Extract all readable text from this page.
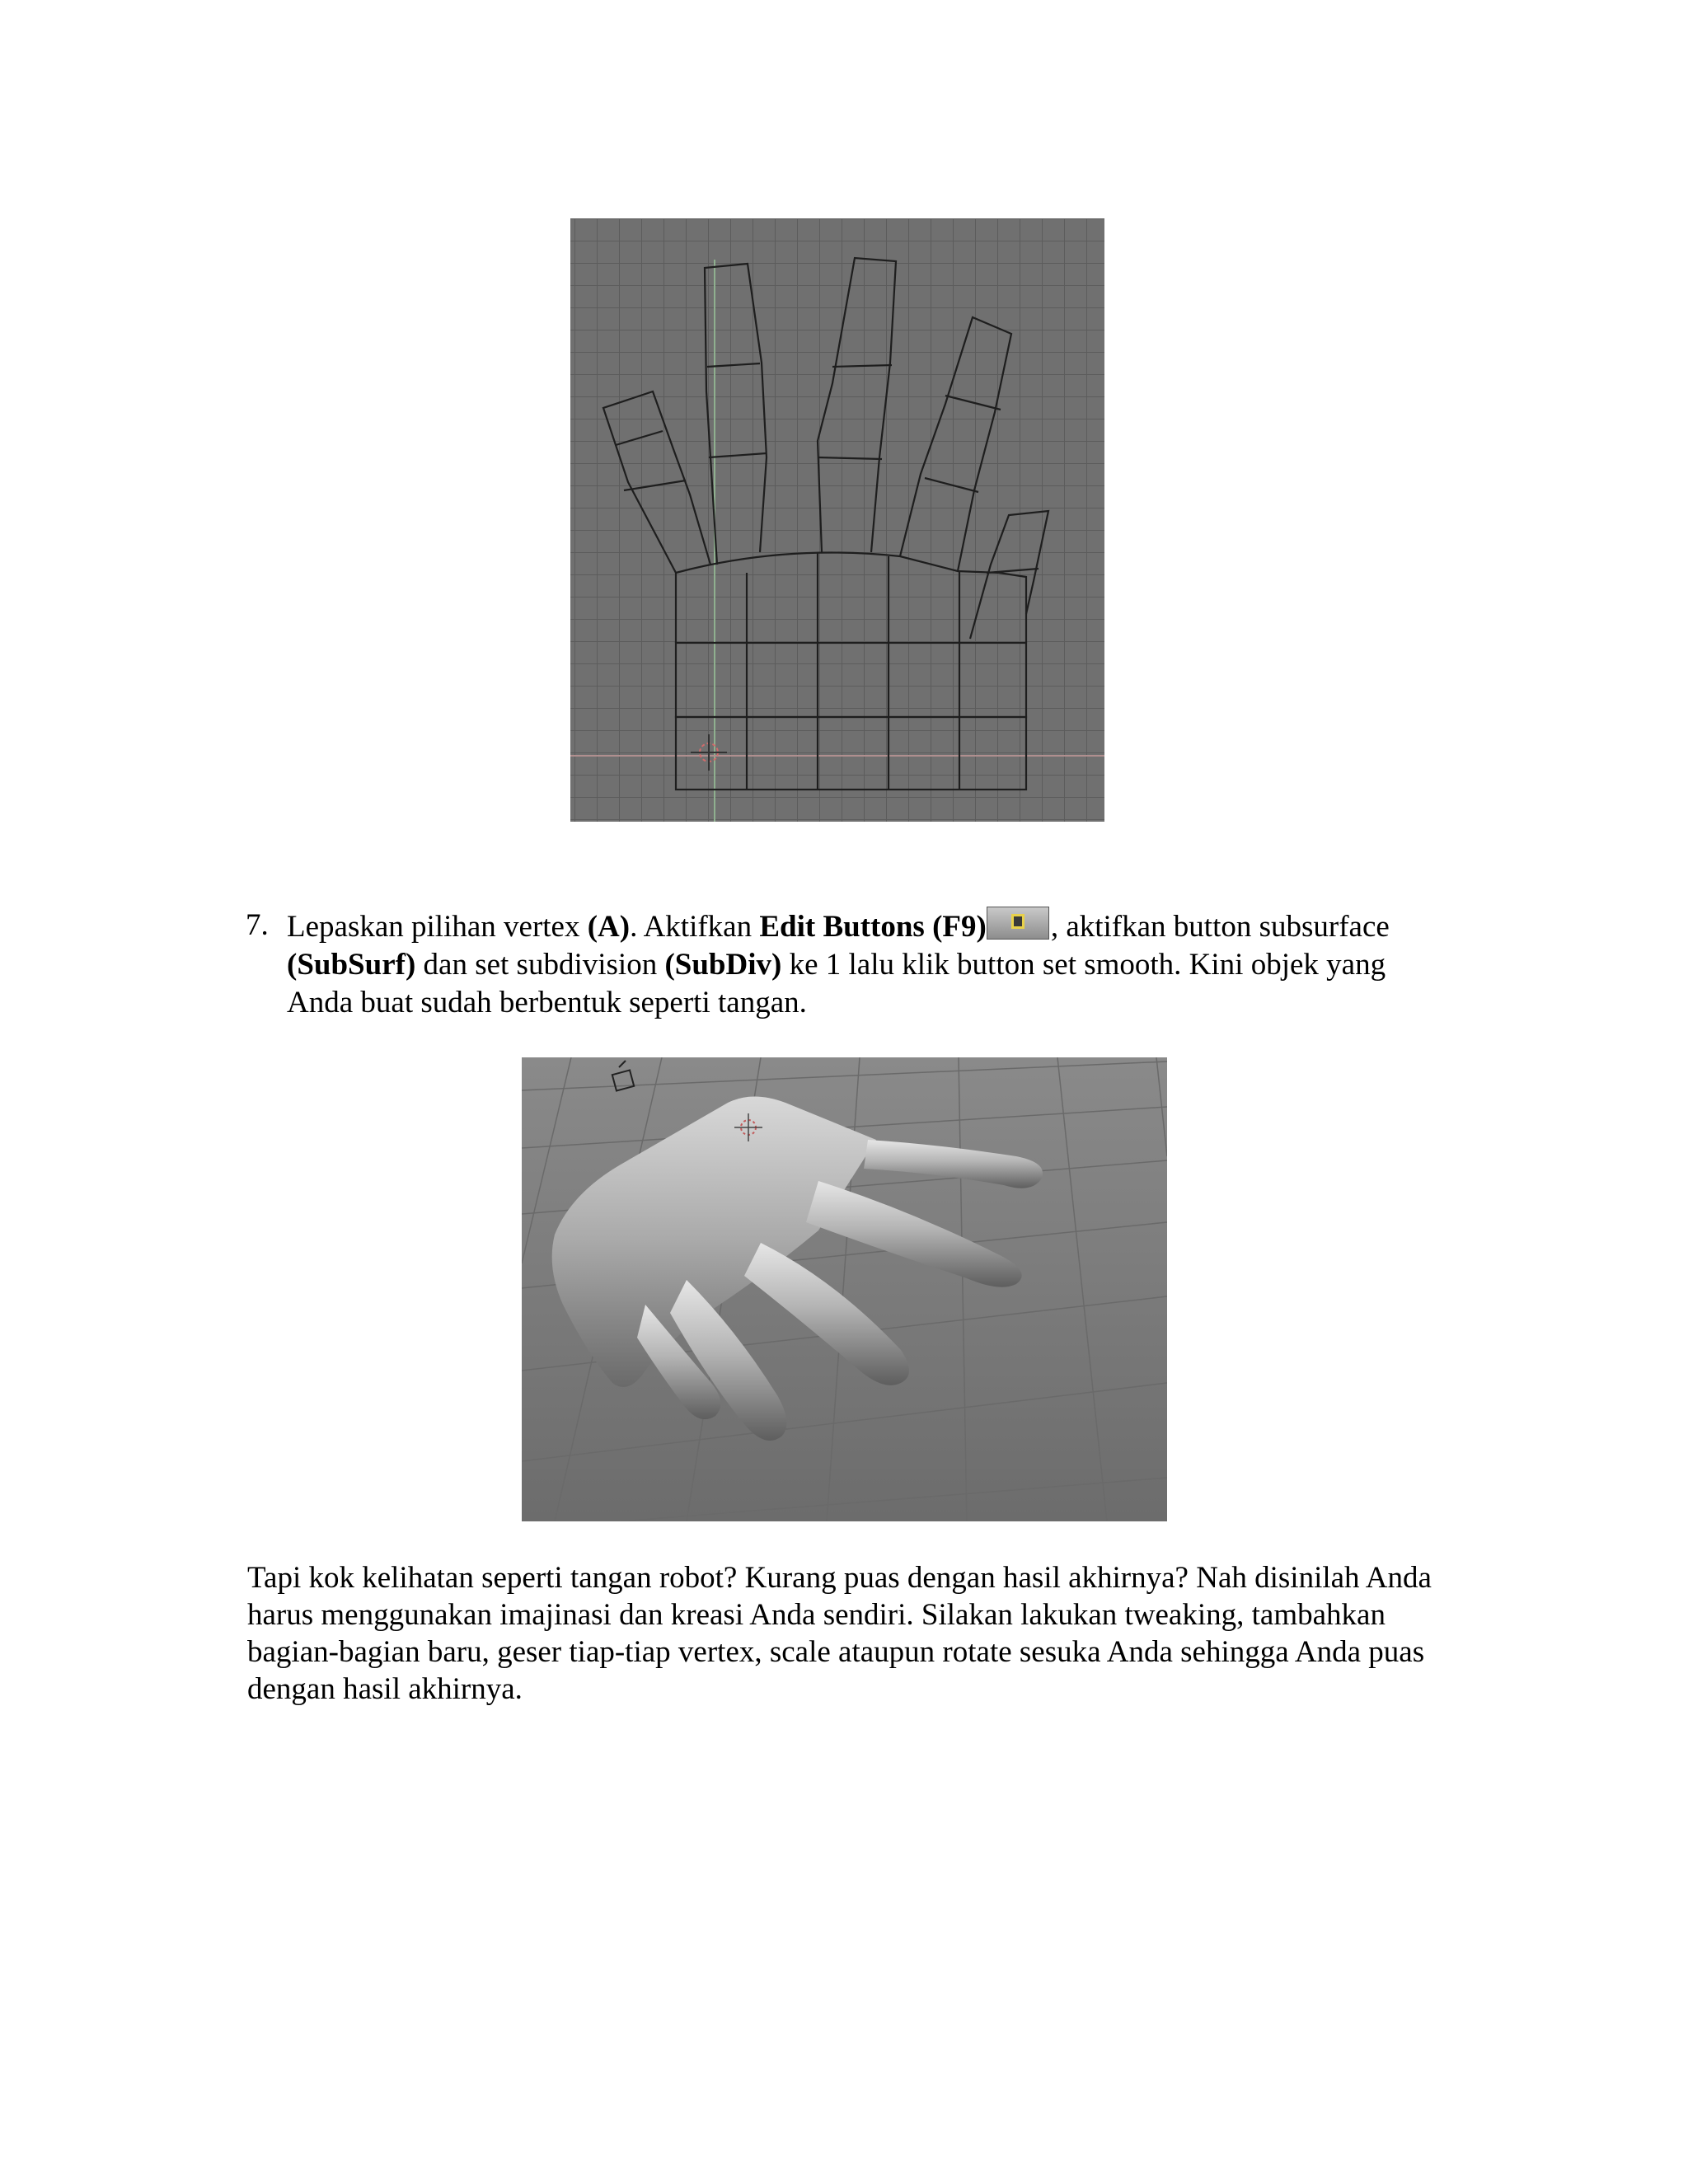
7. Lepaskan pilihan vertex (A). Aktifkan Edit Buttons (F9) , aktifkan button subsurface (SubSurf) dan set subdivision (SubDiv) ke 1 lalu klik button set smooth. Kini objek yang Anda buat sudah berbentuk seperti tangan.
Tapi kok kelihatan seperti tangan robot? Kurang puas dengan hasil akhirnya? Nah disinilah Anda harus menggunakan imajinasi dan kreasi Anda sendiri. Silakan lakukan tweaking, tambahkan bagian-bagian baru, geser tiap-tiap vertex, scale ataupun rotate sesuka Anda sehingga Anda puas dengan hasil akhirnya.
